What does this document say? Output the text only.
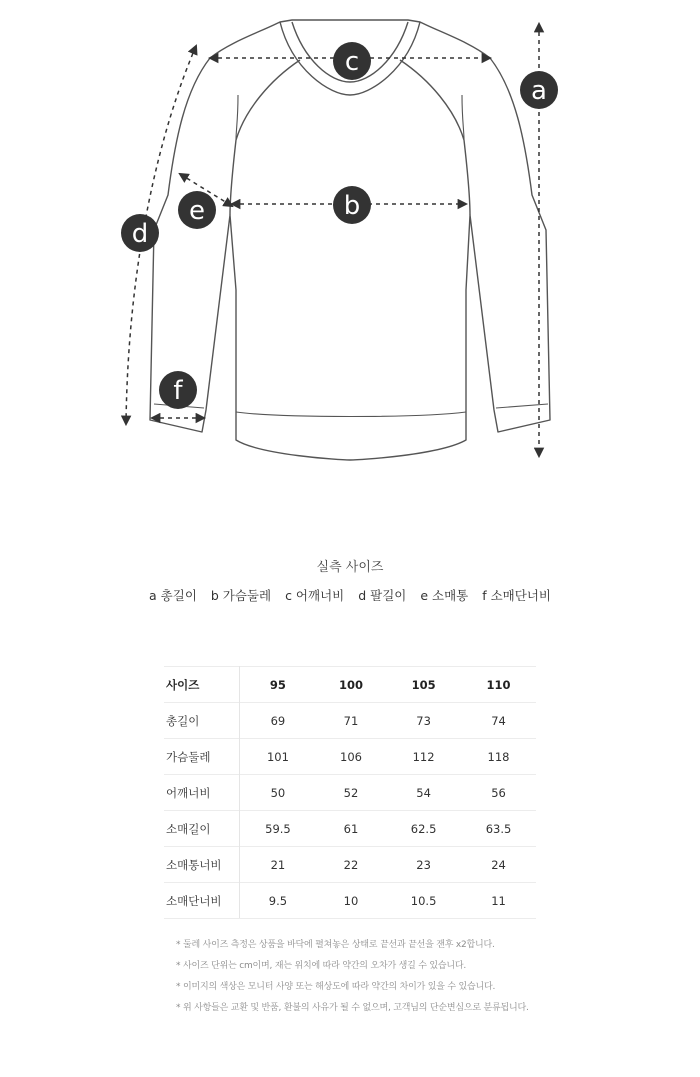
c
a
b
e
d
f
실측 사이즈
a 총길이 b 가슴둘레 c 어깨너비 d 팔길이 e 소매통 f 소매단너비
사이즈	95	100	105	110
총길이	69	71	73	74
가슴둘레	101	106	112	118
어깨너비	50	52	54	56
소매길이	59.5	61	62.5	63.5
소매통너비	21	22	23	24
소매단너비	9.5	10	10.5	11
* 둘레 사이즈 측정은 상품을 바닥에 펼쳐놓은 상태로 끝선과 끝선을 잰후 x2합니다.
* 사이즈 단위는 cm이며, 재는 위치에 따라 약간의 오차가 생길 수 있습니다.
* 이미지의 색상은 모니터 사양 또는 해상도에 따라 약간의 차이가 있을 수 있습니다.
* 위 사항들은 교환 및 반품, 환불의 사유가 될 수 없으며, 고객님의 단순변심으로 분류됩니다.
